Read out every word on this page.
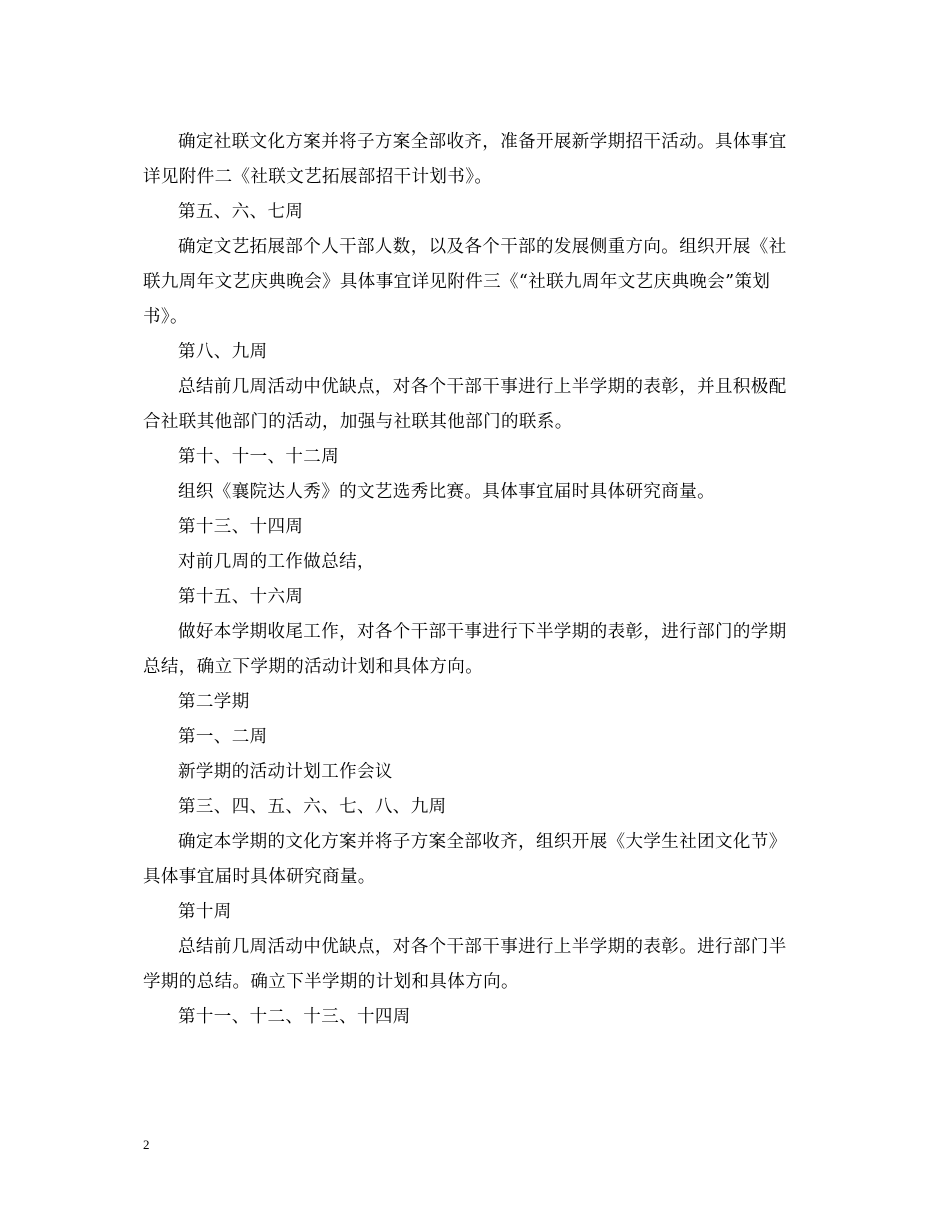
确定社联文化方案并将子方案全部收齐，准备开展新学期招干活动。具体事宜详见附件二《社联文艺拓展部招干计划书》。

第五、六、七周

确定文艺拓展部个人干部人数，以及各个干部的发展侧重方向。组织开展《社联九周年文艺庆典晚会》具体事宜详见附件三《“社联九周年文艺庆典晚会”策划书》。

第八、九周

总结前几周活动中优缺点，对各个干部干事进行上半学期的表彰，并且积极配合社联其他部门的活动，加强与社联其他部门的联系。

第十、十一、十二周

组织《襄院达人秀》的文艺选秀比赛。具体事宜届时具体研究商量。

第十三、十四周

对前几周的工作做总结，

第十五、十六周

做好本学期收尾工作，对各个干部干事进行下半学期的表彰，进行部门的学期总结，确立下学期的活动计划和具体方向。

第二学期

第一、二周

新学期的活动计划工作会议

第三、四、五、六、七、八、九周

确定本学期的文化方案并将子方案全部收齐，组织开展《大学生社团文化节》具体事宜届时具体研究商量。

第十周

总结前几周活动中优缺点，对各个干部干事进行上半学期的表彰。进行部门半学期的总结。确立下半学期的计划和具体方向。

第十一、十二、十三、十四周

2
